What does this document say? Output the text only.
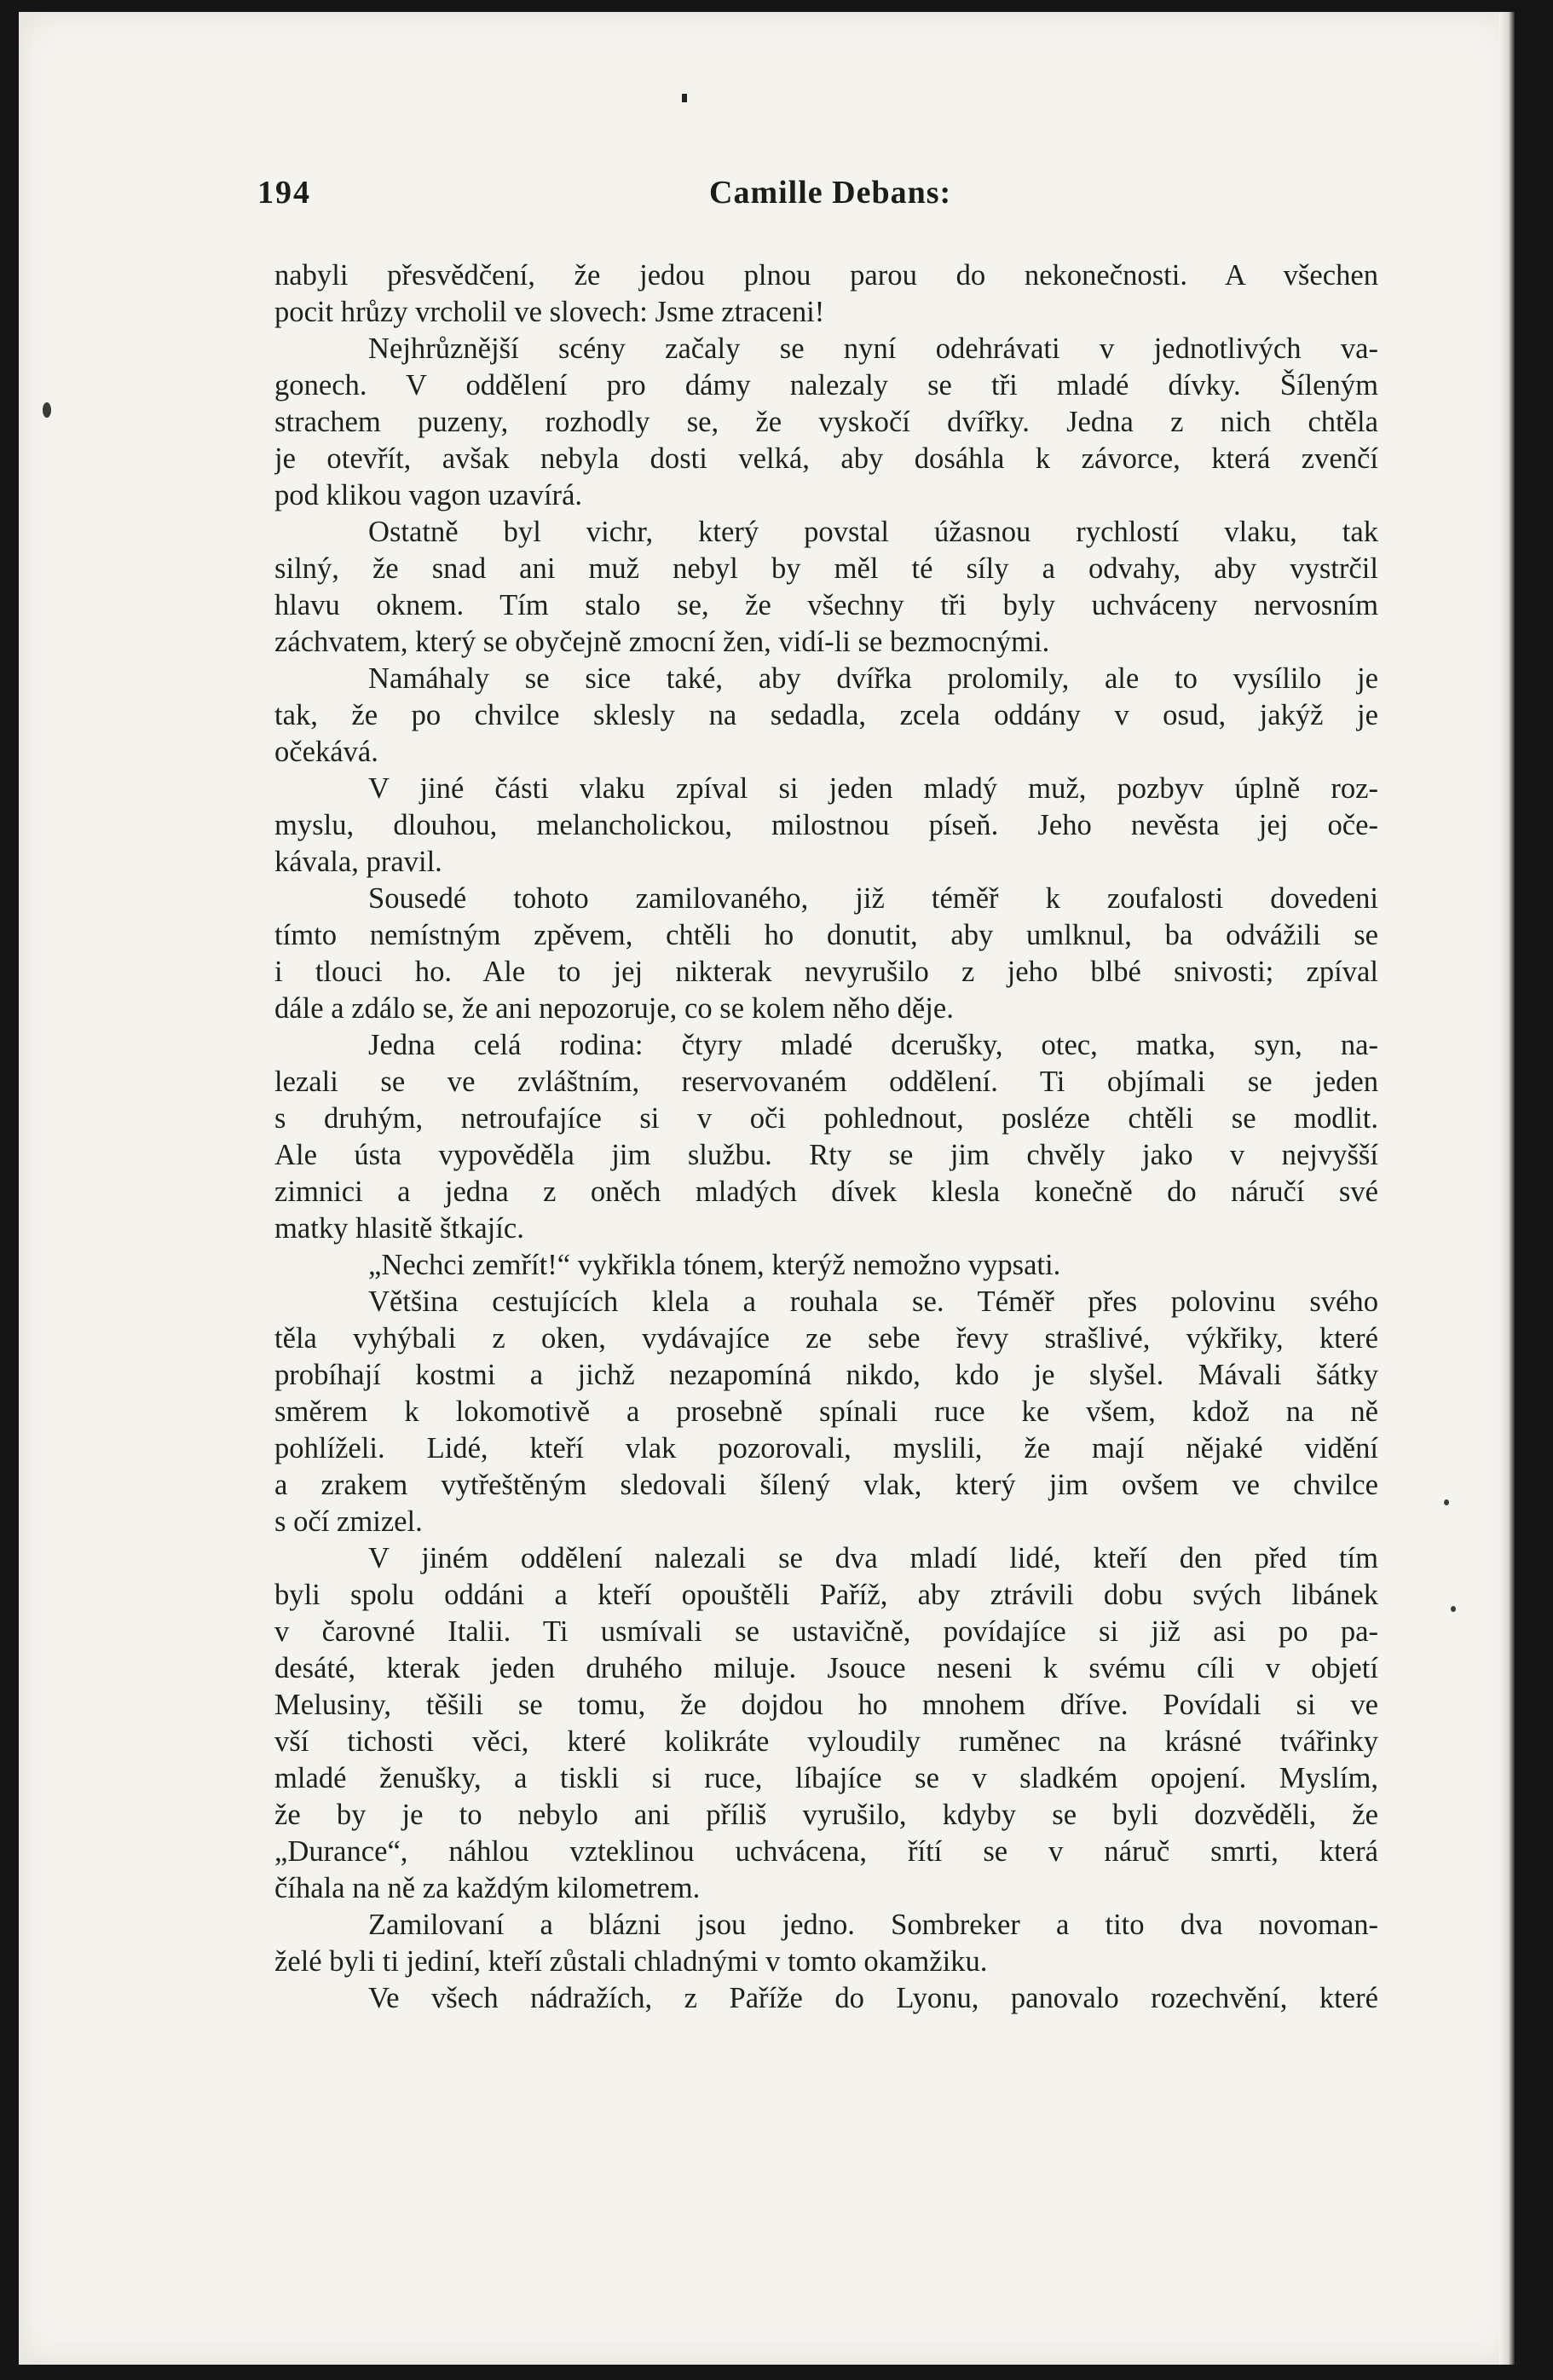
194	Camille Debans:
nabyli přesvědčení, že jedou plnou parou do nekonečnosti. A všechen
pocit hrůzy vrcholil ve slovech: Jsme ztraceni!
Nejhrůznější scény začaly se nyní odehrávati v jednotlivých va-
gonech. V oddělení pro dámy nalezaly se tři mladé dívky. Šíleným
strachem puzeny, rozhodly se, že vyskočí dvířky. Jedna z nich chtěla
je otevřít, avšak nebyla dosti velká, aby dosáhla k závorce, která zvenčí
pod klikou vagon uzavírá.
Ostatně byl vichr, který povstal úžasnou rychlostí vlaku, tak
silný, že snad ani muž nebyl by měl té síly a odvahy, aby vystrčil
hlavu oknem. Tím stalo se, že všechny tři byly uchváceny nervosním
záchvatem, který se obyčejně zmocní žen, vidí-li se bezmocnými.
Namáhaly se sice také, aby dvířka prolomily, ale to vysílilo je
tak, že po chvilce sklesly na sedadla, zcela oddány v osud, jakýž je
očekává.
V jiné části vlaku zpíval si jeden mladý muž, pozbyv úplně roz-
myslu, dlouhou, melancholickou, milostnou píseň. Jeho nevěsta jej oče-
kávala, pravil.
Sousedé tohoto zamilovaného, již téměř k zoufalosti dovedeni
tímto nemístným zpěvem, chtěli ho donutit, aby umlknul, ba odvážili se
i tlouci ho. Ale to jej nikterak nevyrušilo z jeho blbé snivosti; zpíval
dále a zdálo se, že ani nepozoruje, co se kolem něho děje.
Jedna celá rodina: čtyry mladé dcerušky, otec, matka, syn, na-
lezali se ve zvláštním, reservovaném oddělení. Ti objímali se jeden
s druhým, netroufajíce si v oči pohlednout, posléze chtěli se modlit.
Ale ústa vypověděla jim službu. Rty se jim chvěly jako v nejvyšší
zimnici a jedna z oněch mladých dívek klesla konečně do náručí své
matky hlasitě štkajíc.
„Nechci zemřít!“ vykřikla tónem, kterýž nemožno vypsati.
Většina cestujících klela a rouhala se. Téměř přes polovinu svého
těla vyhýbali z oken, vydávajíce ze sebe řevy strašlivé, výkřiky, které
probíhají kostmi a jichž nezapomíná nikdo, kdo je slyšel. Mávali šátky
směrem k lokomotivě a prosebně spínali ruce ke všem, kdož na ně
pohlíželi. Lidé, kteří vlak pozorovali, myslili, že mají nějaké vidění
a zrakem vytřeštěným sledovali šílený vlak, který jim ovšem ve chvilce
s očí zmizel.
V jiném oddělení nalezali se dva mladí lidé, kteří den před tím
byli spolu oddáni a kteří opouštěli Paříž, aby ztrávili dobu svých libánek
v čarovné Italii. Ti usmívali se ustavičně, povídajíce si již asi po pa-
desáté, kterak jeden druhého miluje. Jsouce neseni k svému cíli v objetí
Melusiny, těšili se tomu, že dojdou ho mnohem dříve. Povídali si ve
vší tichosti věci, které kolikráte vyloudily ruměnec na krásné tvářinky
mladé ženušky, a tiskli si ruce, líbajíce se v sladkém opojení. Myslím,
že by je to nebylo ani příliš vyrušilo, kdyby se byli dozvěděli, že
„Durance“, náhlou vzteklinou uchvácena, řítí se v náruč smrti, která
číhala na ně za každým kilometrem.
Zamilovaní a blázni jsou jedno. Sombreker a tito dva novoman-
želé byli ti jediní, kteří zůstali chladnými v tomto okamžiku.
Ve všech nádražích, z Paříže do Lyonu, panovalo rozechvění, které
